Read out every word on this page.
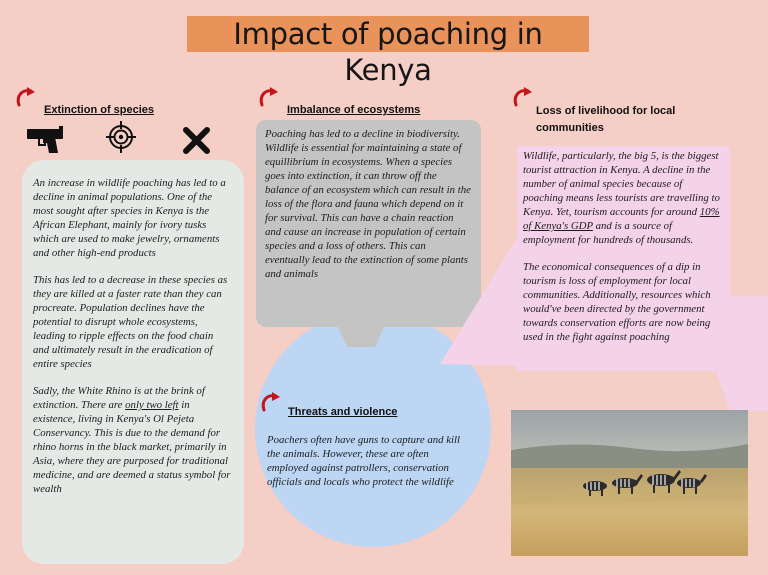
Impact of poaching in Kenya
Extinction of species

An increase in wildlife poaching has led to a decline in animal populations. One of the most sought after species in Kenya is the African Elephant, mainly for ivory tusks which are used to make jewelry, ornaments and other high-end products

This has led to a decrease in these species as they are killed at a faster rate than they can procreate. Population declines have the potential to disrupt whole ecosystems, leading to ripple effects on the food chain and ultimately result in the eradication of entire species

Sadly, the White Rhino is at the brink of extinction. There are only two left in existence, living in Kenya's Ol Pejeta Conservancy. This is due to the demand for rhino horns in the black market, primarily in Asia, where they are purposed for traditional medicine, and are deemed a status symbol for wealth

Imbalance of ecosystems
Poaching has led to a decline in biodiversity. Wildlife is essential for maintaining a state of equillibrium in ecosystems. When a species goes into extinction, it can throw off the balance of an ecosystem which can result in the loss of the flora and fauna which depend on it for survival. This can have a chain reaction and cause an increase in population of certain species and a loss of others. This can eventually lead to the extinction of some plants and animals
Threats and violence
Poachers often have guns to capture and kill the animals. However, these are often employed against patrollers, conservation officials and locals who protect the wildlife
Loss of livelihood for local
communities

Wildlife, particularly, the big 5, is the biggest tourist attraction in Kenya. A decline in the number of animal species because of poaching means less tourists are travelling to Kenya. Yet, tourism accounts for around 10% of Kenya's GDP and is a source of employment for hundreds of thousands.

The economical consequences of a dip in tourism is loss of employment for local communities. Additionally, resources which would've been directed by the government towards conservation efforts are now being used in the fight against poaching
